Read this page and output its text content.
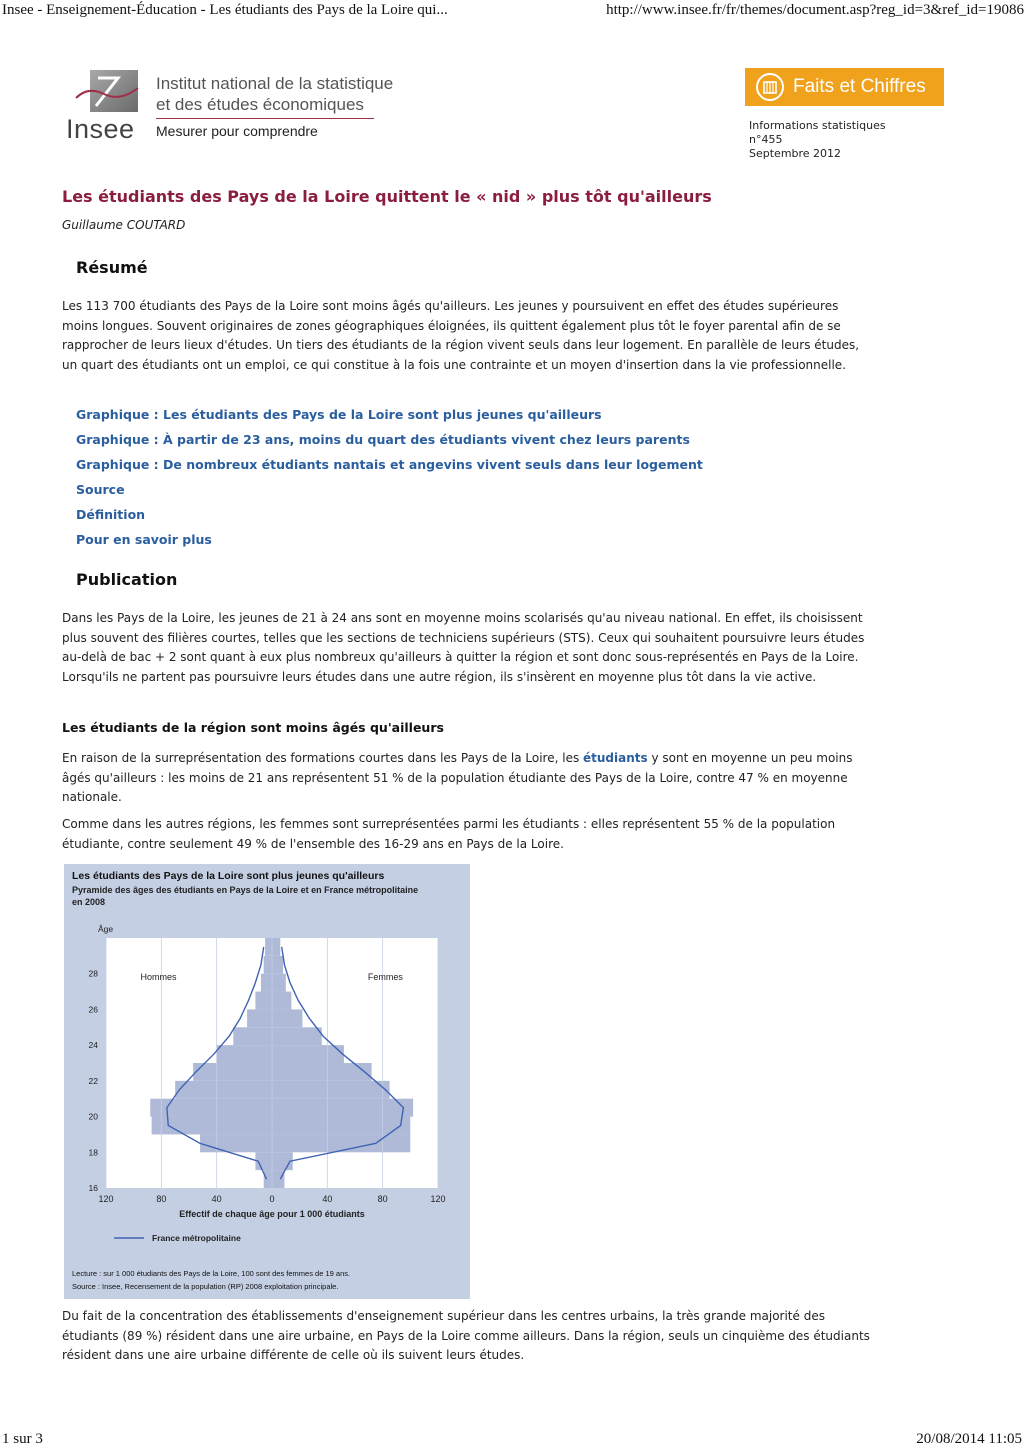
Insee - Enseignement-Éducation - Les étudiants des Pays de la Loire qui...	http://www.insee.fr/fr/themes/document.asp?reg_id=3&ref_id=19086
Insee
Institut national de la statistique
et des études économiques
Mesurer pour comprendre
Faits et Chiffres
Informations statistiques
n°455
Septembre 2012
Les étudiants des Pays de la Loire quittent le « nid » plus tôt qu'ailleurs
Guillaume COUTARD
Résumé
Les 113 700 étudiants des Pays de la Loire sont moins âgés qu'ailleurs. Les jeunes y poursuivent en effet des études supérieures moins longues. Souvent originaires de zones géographiques éloignées, ils quittent également plus tôt le foyer parental afin de se rapprocher de leurs lieux d'études. Un tiers des étudiants de la région vivent seuls dans leur logement. En parallèle de leurs études, un quart des étudiants ont un emploi, ce qui constitue à la fois une contrainte et un moyen d'insertion dans la vie professionnelle.
Graphique : Les étudiants des Pays de la Loire sont plus jeunes qu'ailleurs
Graphique : À partir de 23 ans, moins du quart des étudiants vivent chez leurs parents
Graphique : De nombreux étudiants nantais et angevins vivent seuls dans leur logement
Source
Définition
Pour en savoir plus
Publication
Dans les Pays de la Loire, les jeunes de 21 à 24 ans sont en moyenne moins scolarisés qu'au niveau national. En effet, ils choisissent plus souvent des filières courtes, telles que les sections de techniciens supérieurs (STS). Ceux qui souhaitent poursuivre leurs études au-delà de bac + 2 sont quant à eux plus nombreux qu'ailleurs à quitter la région et sont donc sous-représentés en Pays de la Loire. Lorsqu'ils ne partent pas poursuivre leurs études dans une autre région, ils s'insèrent en moyenne plus tôt dans la vie active.
Les étudiants de la région sont moins âgés qu'ailleurs
En raison de la surreprésentation des formations courtes dans les Pays de la Loire, les étudiants y sont en moyenne un peu moins âgés qu'ailleurs : les moins de 21 ans représentent 51 % de la population étudiante des Pays de la Loire, contre 47 % en moyenne nationale.
Comme dans les autres régions, les femmes sont surreprésentées parmi les étudiants : elles représentent 55 % de la population étudiante, contre seulement 49 % de l'ensemble des 16-29 ans en Pays de la Loire.
Les étudiants des Pays de la Loire sont plus jeunes qu'ailleurs
Pyramide des âges des étudiants en Pays de la Loire et en France métropolitaine
en 2008
Âge
28
26
24
22
20
18
16
120	80	40	0	40	80	120
Effectif de chaque âge pour 1 000 étudiants
Hommes	Femmes
France métropolitaine
Lecture : sur 1 000 étudiants des Pays de la Loire, 100 sont des femmes de 19 ans.
Source : Insee, Recensement de la population (RP) 2008 exploitation principale.
Du fait de la concentration des établissements d'enseignement supérieur dans les centres urbains, la très grande majorité des étudiants (89 %) résident dans une aire urbaine, en Pays de la Loire comme ailleurs. Dans la région, seuls un cinquième des étudiants résident dans une aire urbaine différente de celle où ils suivent leurs études.
1 sur 3	20/08/2014 11:05
